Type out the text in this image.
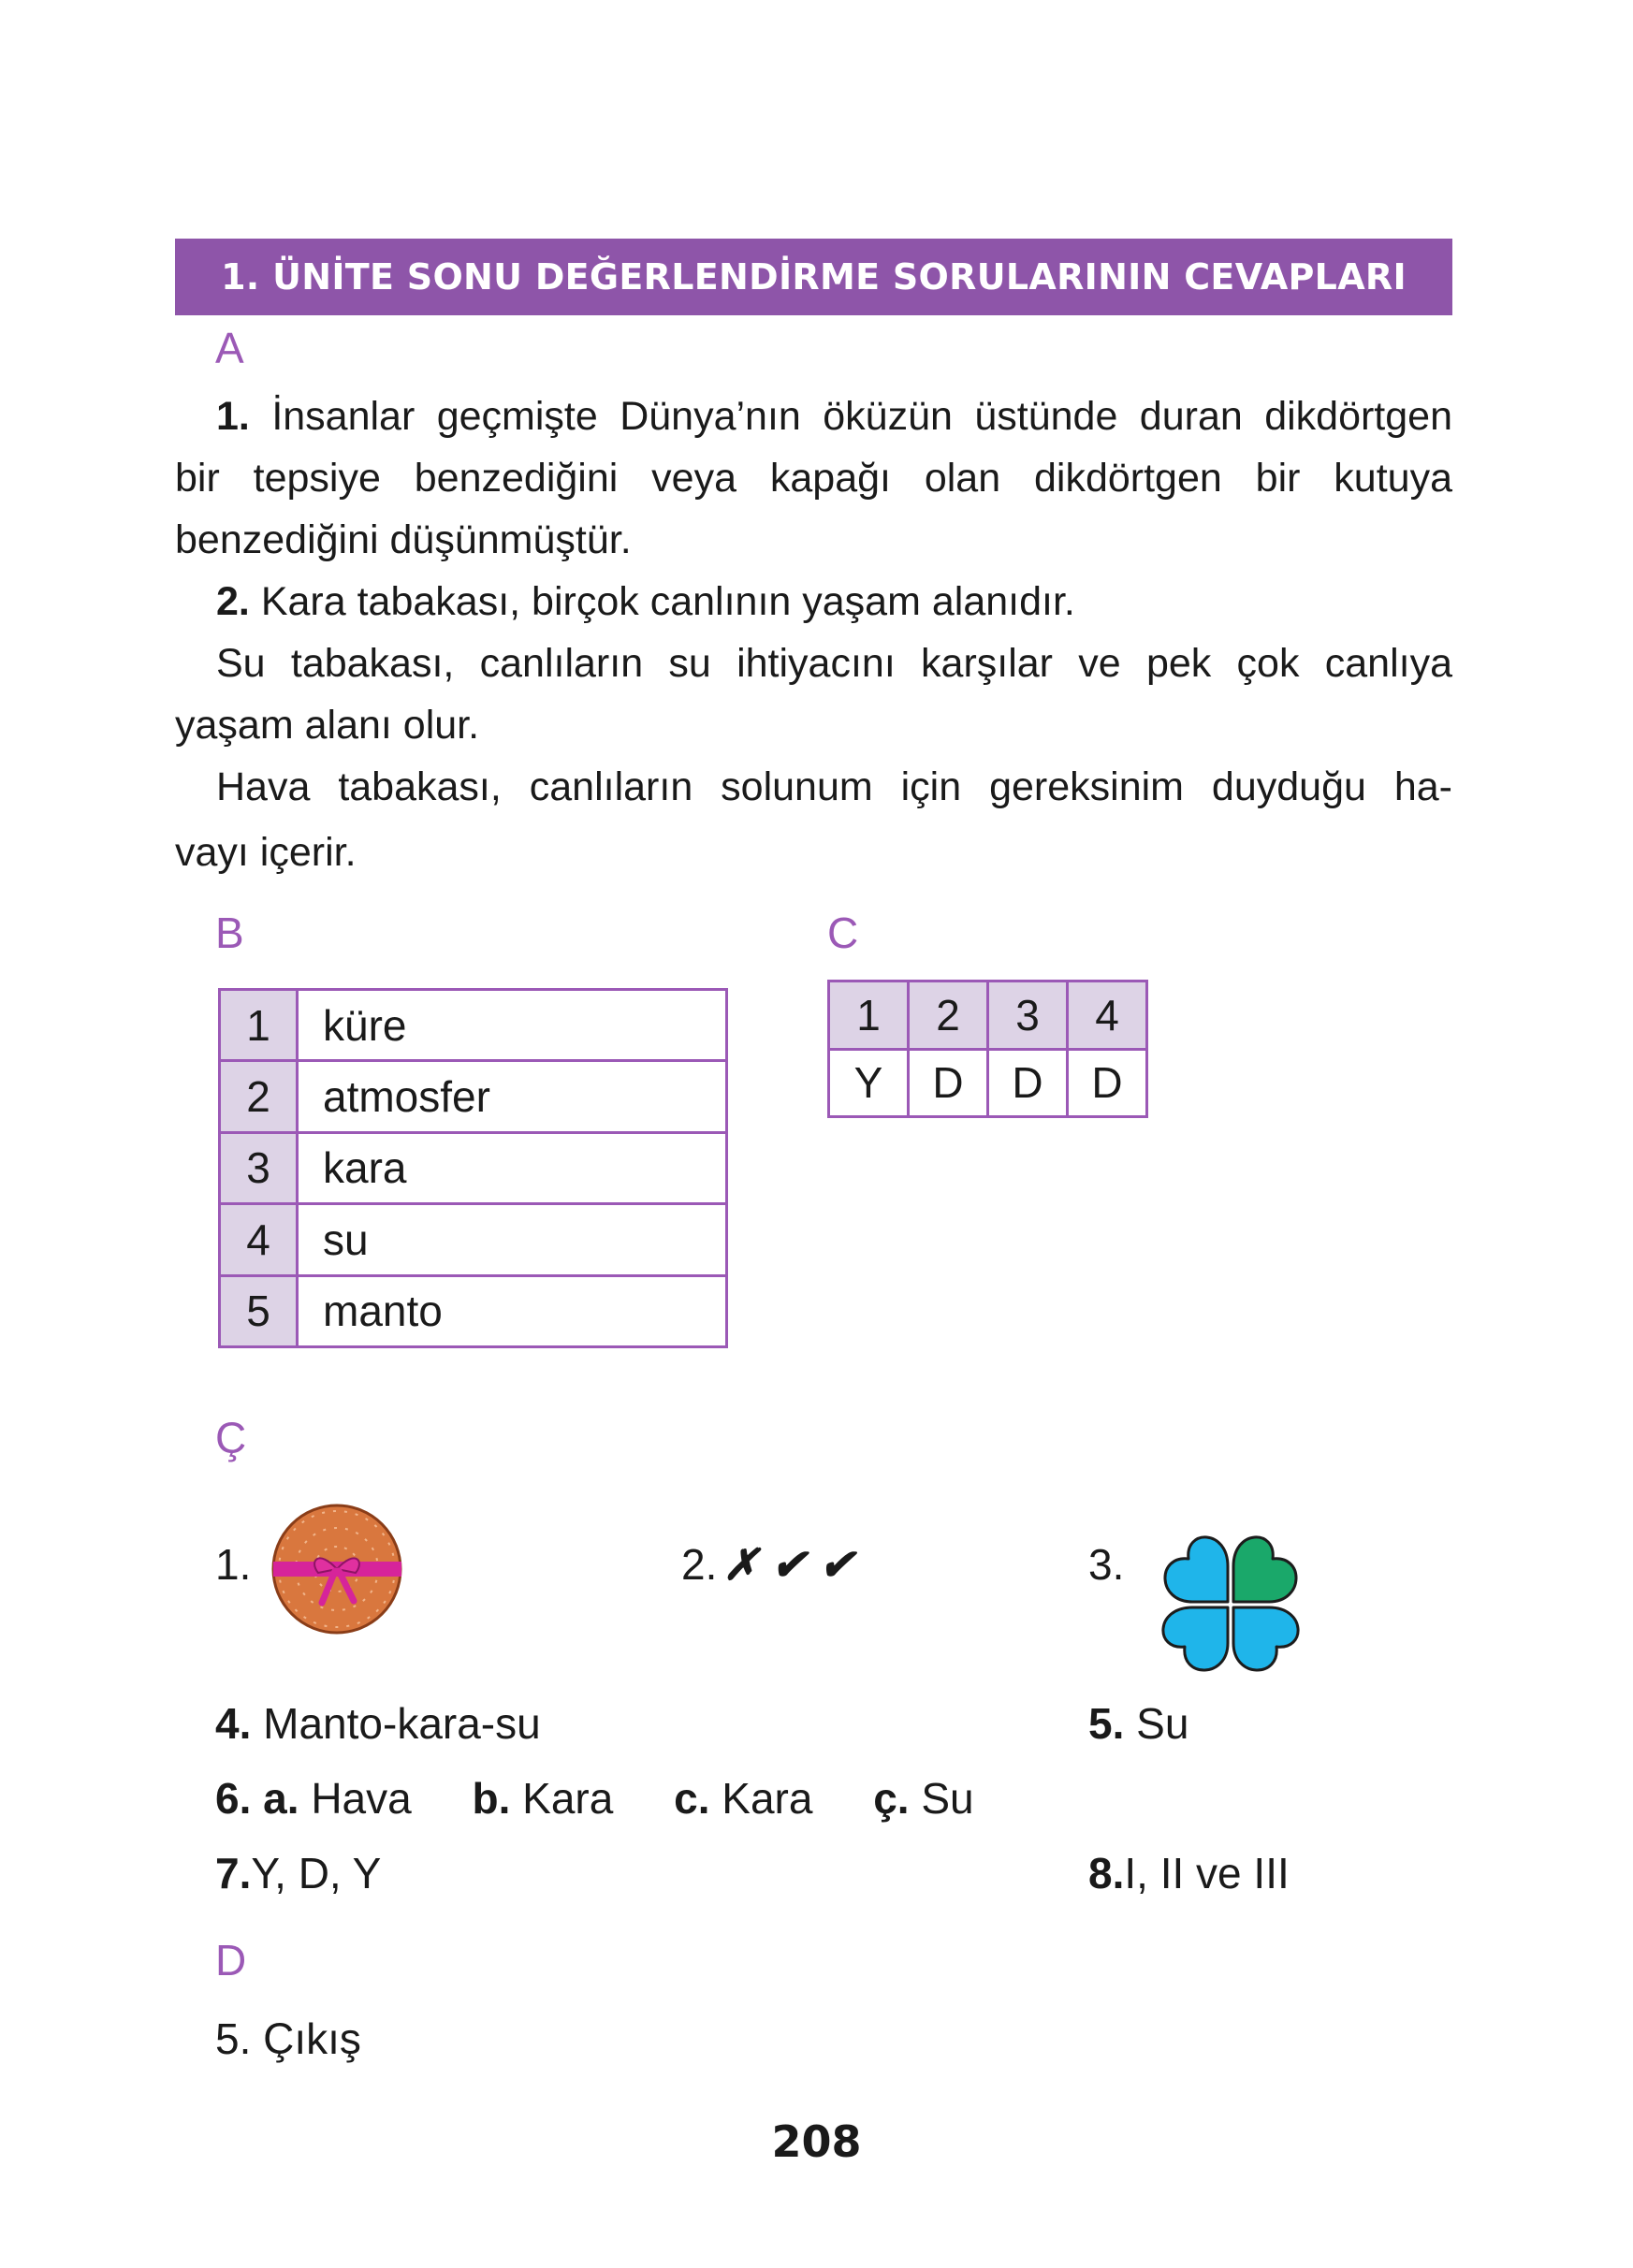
1. ÜNİTE SONU DEĞERLENDİRME SORULARININ CEVAPLARI
A
1. İnsanlar geçmişte Dünya’nın öküzün üstünde duran dikdörtgen
bir tepsiye benzediğini veya kapağı olan dikdörtgen bir kutuya
benzediğini düşünmüştür.
2. Kara tabakası, birçok canlının yaşam alanıdır.
Su tabakası, canlıların su ihtiyacını karşılar ve pek çok canlıya
yaşam alanı olur.
Hava tabakası, canlıların solunum için gereksinim duyduğu ha-
vayı içerir.
B	C
1	küre
2	atmosfer
3	kara
4	su
5	manto
1	2	3	4
Y	D	D	D
Ç
1.	2. ✗ ✔ ✔	3.
4. Manto-kara-su	5. Su
6. a. Hava b. Kara c. Kara ç. Su
7.Y, D, Y	8.I, II ve III
D
5. Çıkış
208
